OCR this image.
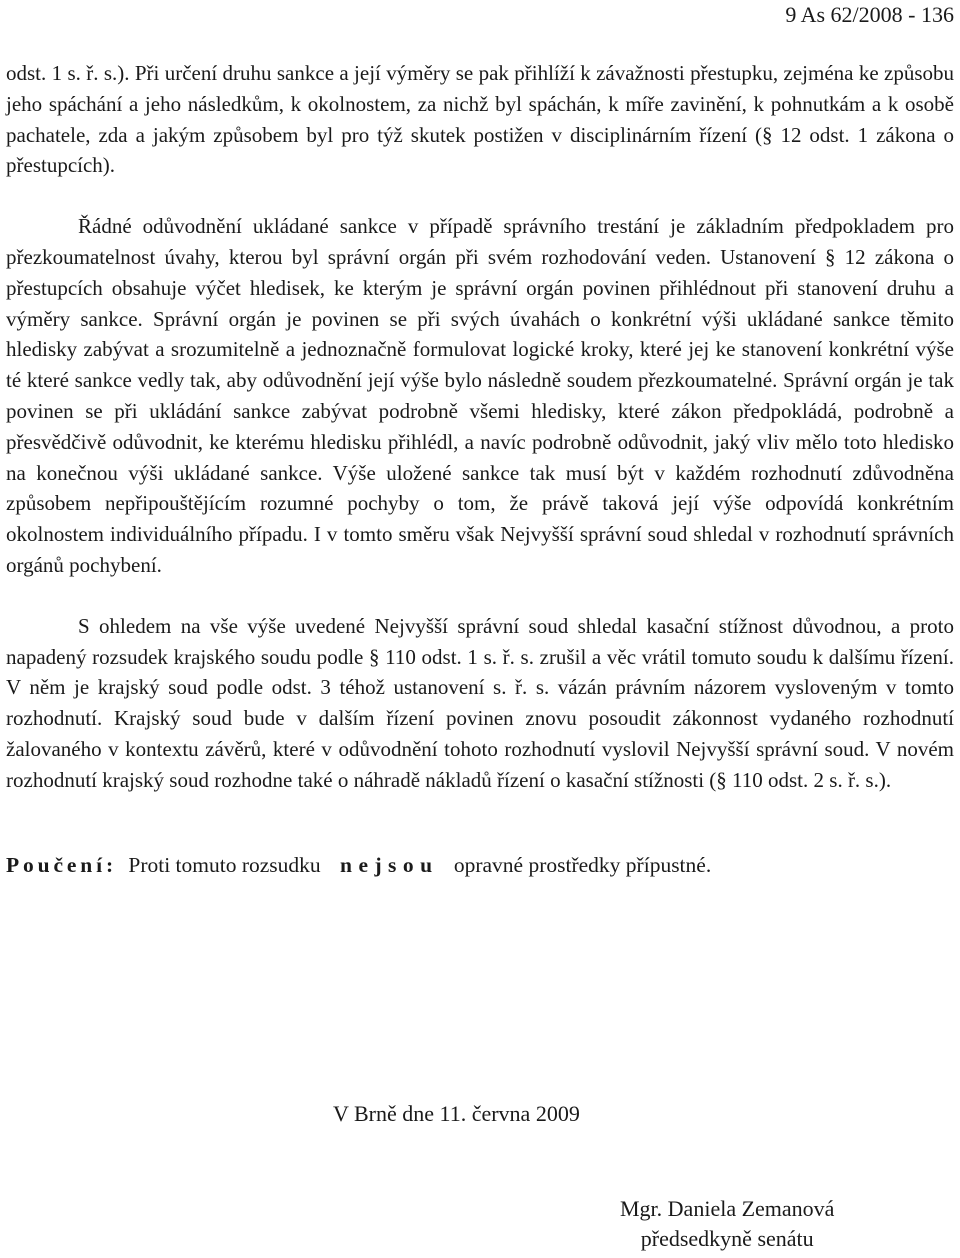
9 As 62/2008 - 136

odst. 1 s. ř. s.). Při určení druhu sankce a její výměry se pak přihlíží k závažnosti přestupku, zejména ke způsobu jeho spáchání a jeho následkům, k okolnostem, za nichž byl spáchán, k míře zavinění, k pohnutkám a k osobě pachatele, zda a jakým způsobem byl pro týž skutek postižen v disciplinárním řízení (§ 12 odst. 1 zákona o přestupcích).

Řádné odůvodnění ukládané sankce v případě správního trestání je základním předpokladem pro přezkoumatelnost úvahy, kterou byl správní orgán při svém rozhodování veden. Ustanovení § 12 zákona o přestupcích obsahuje výčet hledisek, ke kterým je správní orgán povinen přihlédnout při stanovení druhu a výměry sankce. Správní orgán je povinen se při svých úvahách o konkrétní výši ukládané sankce těmito hledisky zabývat a srozumitelně a jednoznačně formulovat logické kroky, které jej ke stanovení konkrétní výše té které sankce vedly tak, aby odůvodnění její výše bylo následně soudem přezkoumatelné. Správní orgán je tak povinen se při ukládání sankce zabývat podrobně všemi hledisky, které zákon předpokládá, podrobně a přesvědčivě odůvodnit, ke kterému hledisku přihlédl, a navíc podrobně odůvodnit, jaký vliv mělo toto hledisko na konečnou výši ukládané sankce. Výše uložené sankce tak musí být v každém rozhodnutí zdůvodněna způsobem nepřipouštějícím rozumné pochyby o tom, že právě taková její výše odpovídá konkrétním okolnostem individuálního případu. I v tomto směru však Nejvyšší správní soud shledal v rozhodnutí správních orgánů pochybení.

S ohledem na vše výše uvedené Nejvyšší správní soud shledal kasační stížnost důvodnou, a proto napadený rozsudek krajského soudu podle § 110 odst. 1 s. ř. s. zrušil a věc vrátil tomuto soudu k dalšímu řízení. V něm je krajský soud podle odst. 3 téhož ustanovení s. ř. s. vázán právním názorem vysloveným v tomto rozhodnutí. Krajský soud bude v dalším řízení povinen znovu posoudit zákonnost vydaného rozhodnutí žalovaného v kontextu závěrů, které v odůvodnění tohoto rozhodnutí vyslovil Nejvyšší správní soud. V novém rozhodnutí krajský soud rozhodne také o náhradě nákladů řízení o kasační stížnosti (§ 110 odst. 2 s. ř. s.).

Poučení: Proti tomuto rozsudku nejsou opravné prostředky přípustné.

V Brně dne 11. června 2009
Mgr. Daniela Zemanová
předsedkyně senátu
